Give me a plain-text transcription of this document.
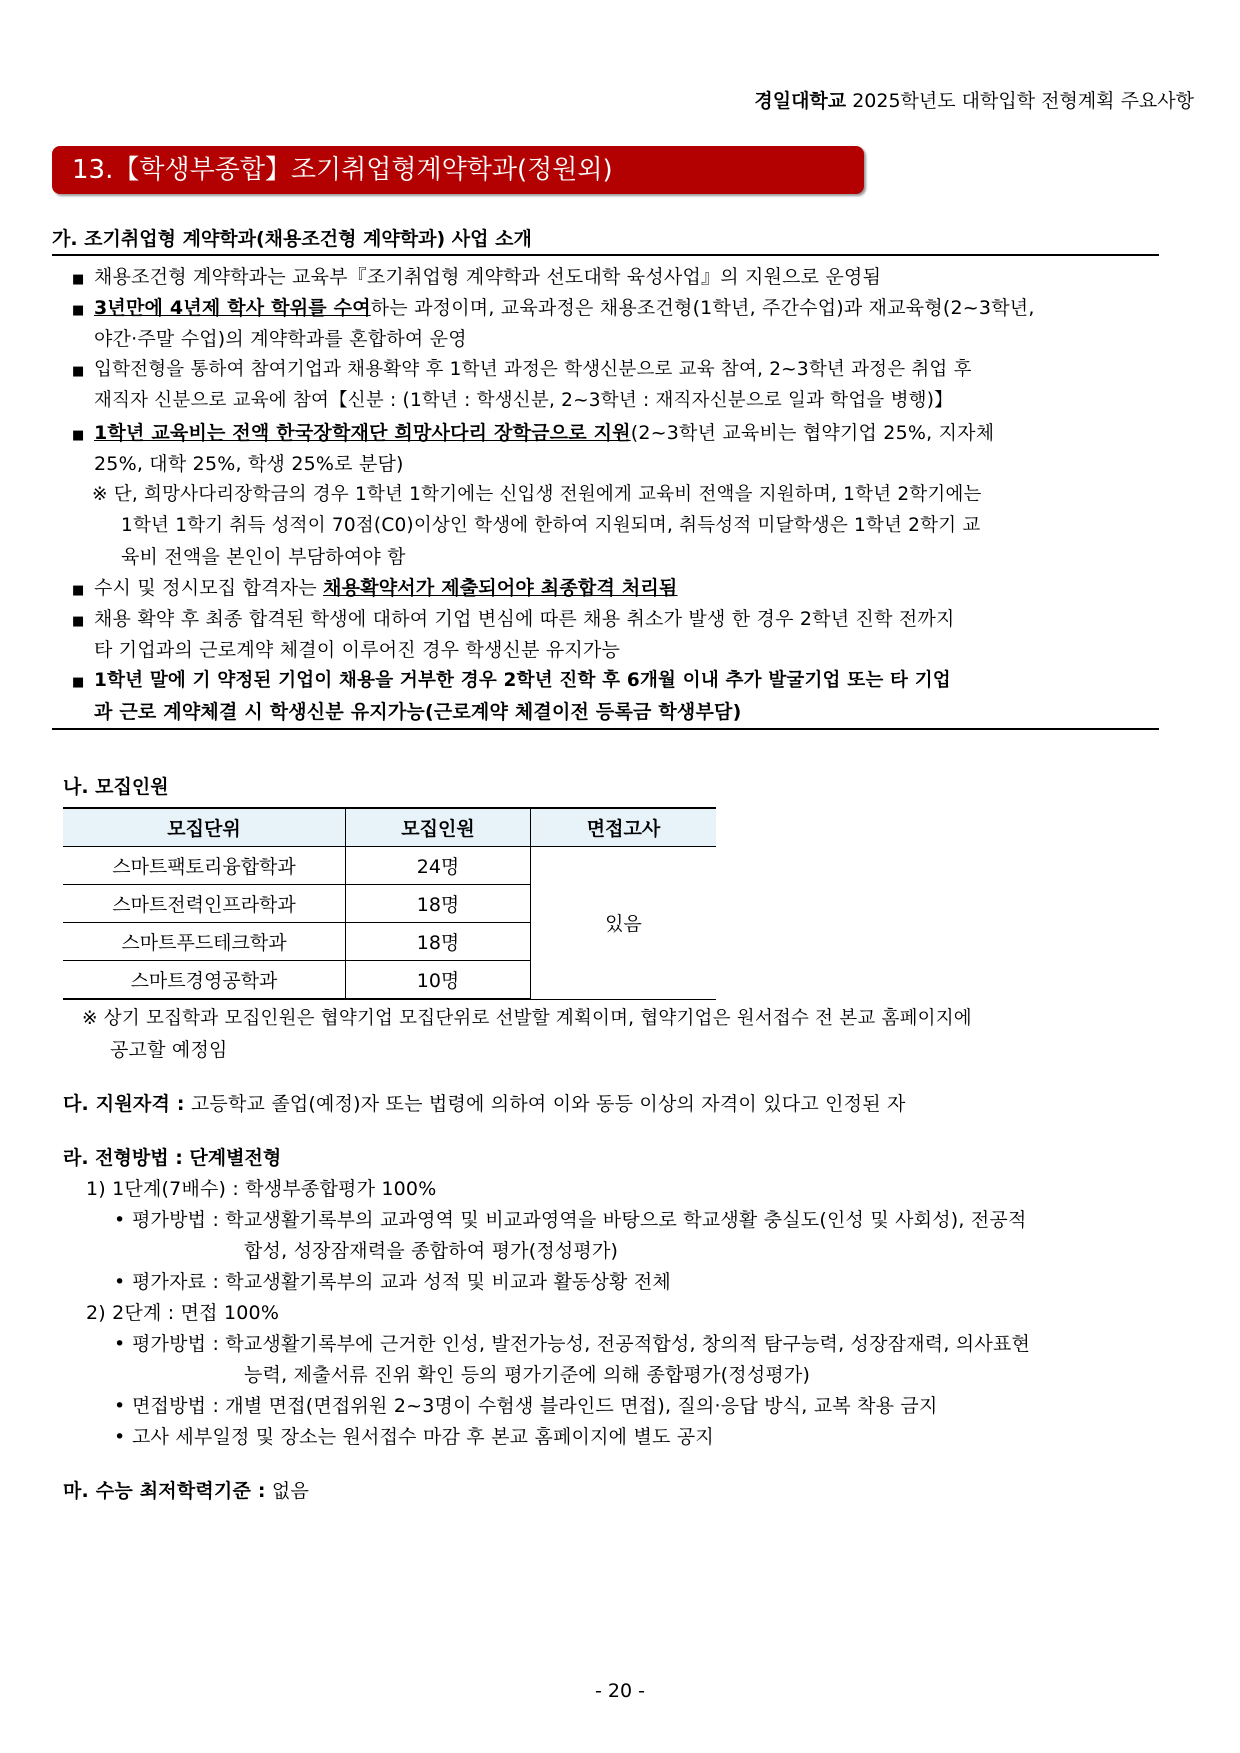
경일대학교 2025학년도 대학입학 전형계획 주요사항
13.【학생부종합】조기취업형계약학과(정원외)
가. 조기취업형 계약학과(채용조건형 계약학과) 사업 소개
■ 채용조건형 계약학과는 교육부『조기취업형 계약학과 선도대학 육성사업』의 지원으로 운영됨
■ 3년만에 4년제 학사 학위를 수여하는 과정이며, 교육과정은 채용조건형(1학년, 주간수업)과 재교육형(2~3학년,
야간·주말 수업)의 계약학과를 혼합하여 운영
■ 입학전형을 통하여 참여기업과 채용확약 후 1학년 과정은 학생신분으로 교육 참여, 2~3학년 과정은 취업 후
재직자 신분으로 교육에 참여【신분 : (1학년 : 학생신분, 2~3학년 : 재직자신분으로 일과 학업을 병행)】
■ 1학년 교육비는 전액 한국장학재단 희망사다리 장학금으로 지원(2~3학년 교육비는 협약기업 25%, 지자체
25%, 대학 25%, 학생 25%로 분담)
※ 단, 희망사다리장학금의 경우 1학년 1학기에는 신입생 전원에게 교육비 전액을 지원하며, 1학년 2학기에는
1학년 1학기 취득 성적이 70점(C0)이상인 학생에 한하여 지원되며, 취득성적 미달학생은 1학년 2학기 교
육비 전액을 본인이 부담하여야 함
■ 수시 및 정시모집 합격자는 채용확약서가 제출되어야 최종합격 처리됨
■ 채용 확약 후 최종 합격된 학생에 대하여 기업 변심에 따른 채용 취소가 발생 한 경우 2학년 진학 전까지
타 기업과의 근로계약 체결이 이루어진 경우 학생신분 유지가능
■ 1학년 말에 기 약정된 기업이 채용을 거부한 경우 2학년 진학 후 6개월 이내 추가 발굴기업 또는 타 기업
과 근로 계약체결 시 학생신분 유지가능(근로계약 체결이전 등록금 학생부담)
나. 모집인원
모집단위	모집인원	면접고사
스마트팩토리융합학과	24명	있음
스마트전력인프라학과	18명	
스마트푸드테크학과	18명	
스마트경영공학과	10명	
※ 상기 모집학과 모집인원은 협약기업 모집단위로 선발할 계획이며, 협약기업은 원서접수 전 본교 홈페이지에
공고할 예정임
다. 지원자격 : 고등학교 졸업(예정)자 또는 법령에 의하여 이와 동등 이상의 자격이 있다고 인정된 자
라. 전형방법 : 단계별전형
1) 1단계(7배수) : 학생부종합평가 100%
• 평가방법 : 학교생활기록부의 교과영역 및 비교과영역을 바탕으로 학교생활 충실도(인성 및 사회성), 전공적
합성, 성장잠재력을 종합하여 평가(정성평가)
• 평가자료 : 학교생활기록부의 교과 성적 및 비교과 활동상황 전체
2) 2단계 : 면접 100%
• 평가방법 : 학교생활기록부에 근거한 인성, 발전가능성, 전공적합성, 창의적 탐구능력, 성장잠재력, 의사표현
능력, 제출서류 진위 확인 등의 평가기준에 의해 종합평가(정성평가)
• 면접방법 : 개별 면접(면접위원 2~3명이 수험생 블라인드 면접), 질의·응답 방식, 교복 착용 금지
• 고사 세부일정 및 장소는 원서접수 마감 후 본교 홈페이지에 별도 공지
마. 수능 최저학력기준 : 없음
- 20 -
